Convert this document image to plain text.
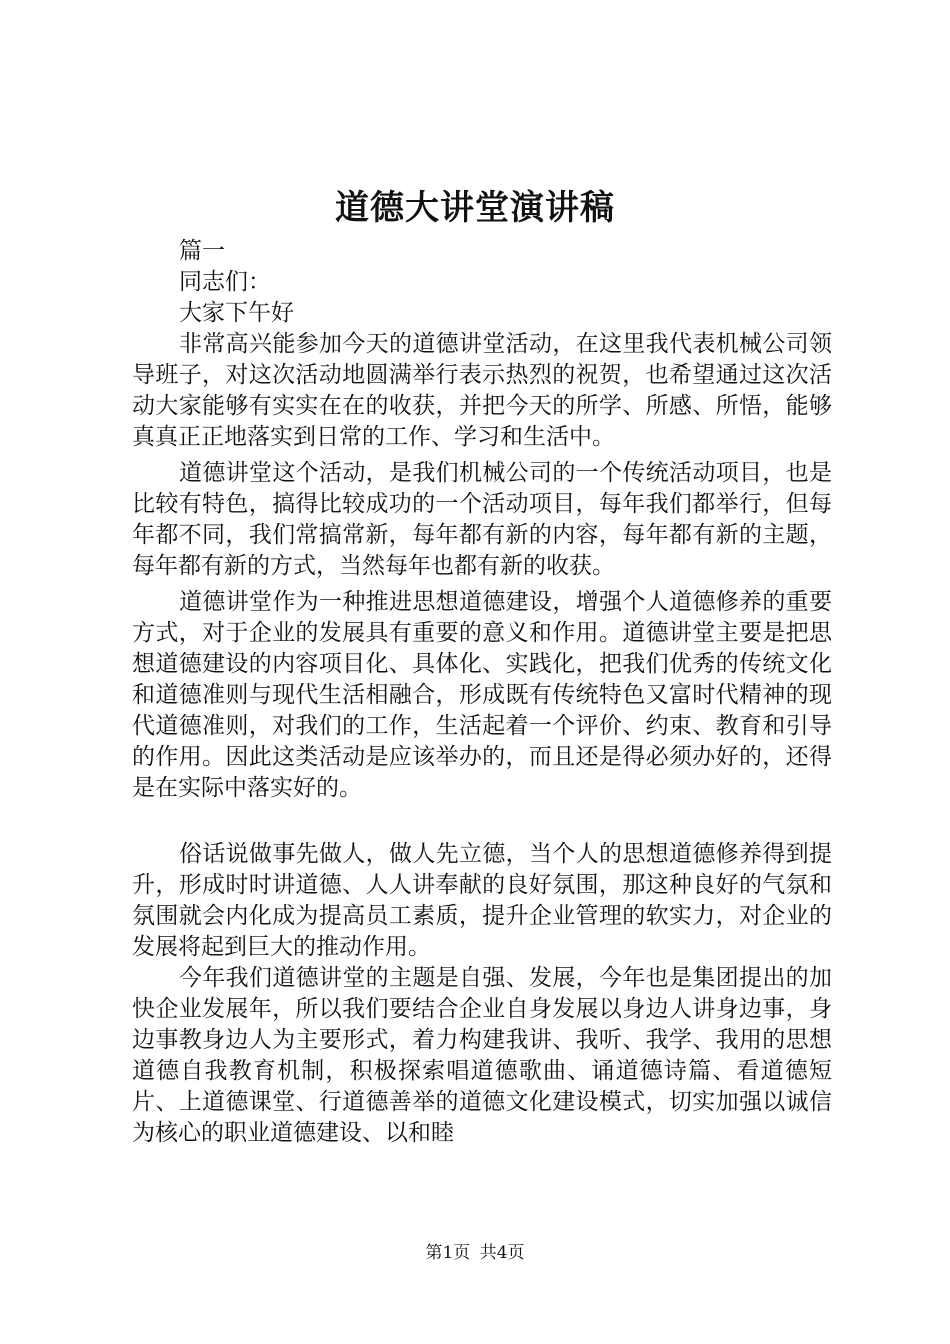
道德大讲堂演讲稿

篇一

同志们：

大家下午好

非常高兴能参加今天的道德讲堂活动，在这里我代表机械公司领导班子，对这次活动地圆满举行表示热烈的祝贺，也希望通过这次活动大家能够有实实在在的收获，并把今天的所学、所感、所悟，能够真真正正地落实到日常的工作、学习和生活中。

道德讲堂这个活动，是我们机械公司的一个传统活动项目，也是比较有特色，搞得比较成功的一个活动项目，每年我们都举行，但每年都不同，我们常搞常新，每年都有新的内容，每年都有新的主题，每年都有新的方式，当然每年也都有新的收获。

道德讲堂作为一种推进思想道德建设，增强个人道德修养的重要方式，对于企业的发展具有重要的意义和作用。道德讲堂主要是把思想道德建设的内容项目化、具体化、实践化，把我们优秀的传统文化和道德准则与现代生活相融合，形成既有传统特色又富时代精神的现代道德准则，对我们的工作，生活起着一个评价、约束、教育和引导的作用。因此这类活动是应该举办的，而且还是得必须办好的，还得是在实际中落实好的。

俗话说做事先做人，做人先立德，当个人的思想道德修养得到提升，形成时时讲道德、人人讲奉献的良好氛围，那这种良好的气氛和氛围就会内化成为提高员工素质，提升企业管理的软实力，对企业的发展将起到巨大的推动作用。

今年我们道德讲堂的主题是自强、发展，今年也是集团提出的加快企业发展年，所以我们要结合企业自身发展以身边人讲身边事，身边事教身边人为主要形式，着力构建我讲、我听、我学、我用的思想道德自我教育机制，积极探索唱道德歌曲、诵道德诗篇、看道德短片、上道德课堂、行道德善举的道德文化建设模式，切实加强以诚信为核心的职业道德建设、以和睦

第1页 共4页
